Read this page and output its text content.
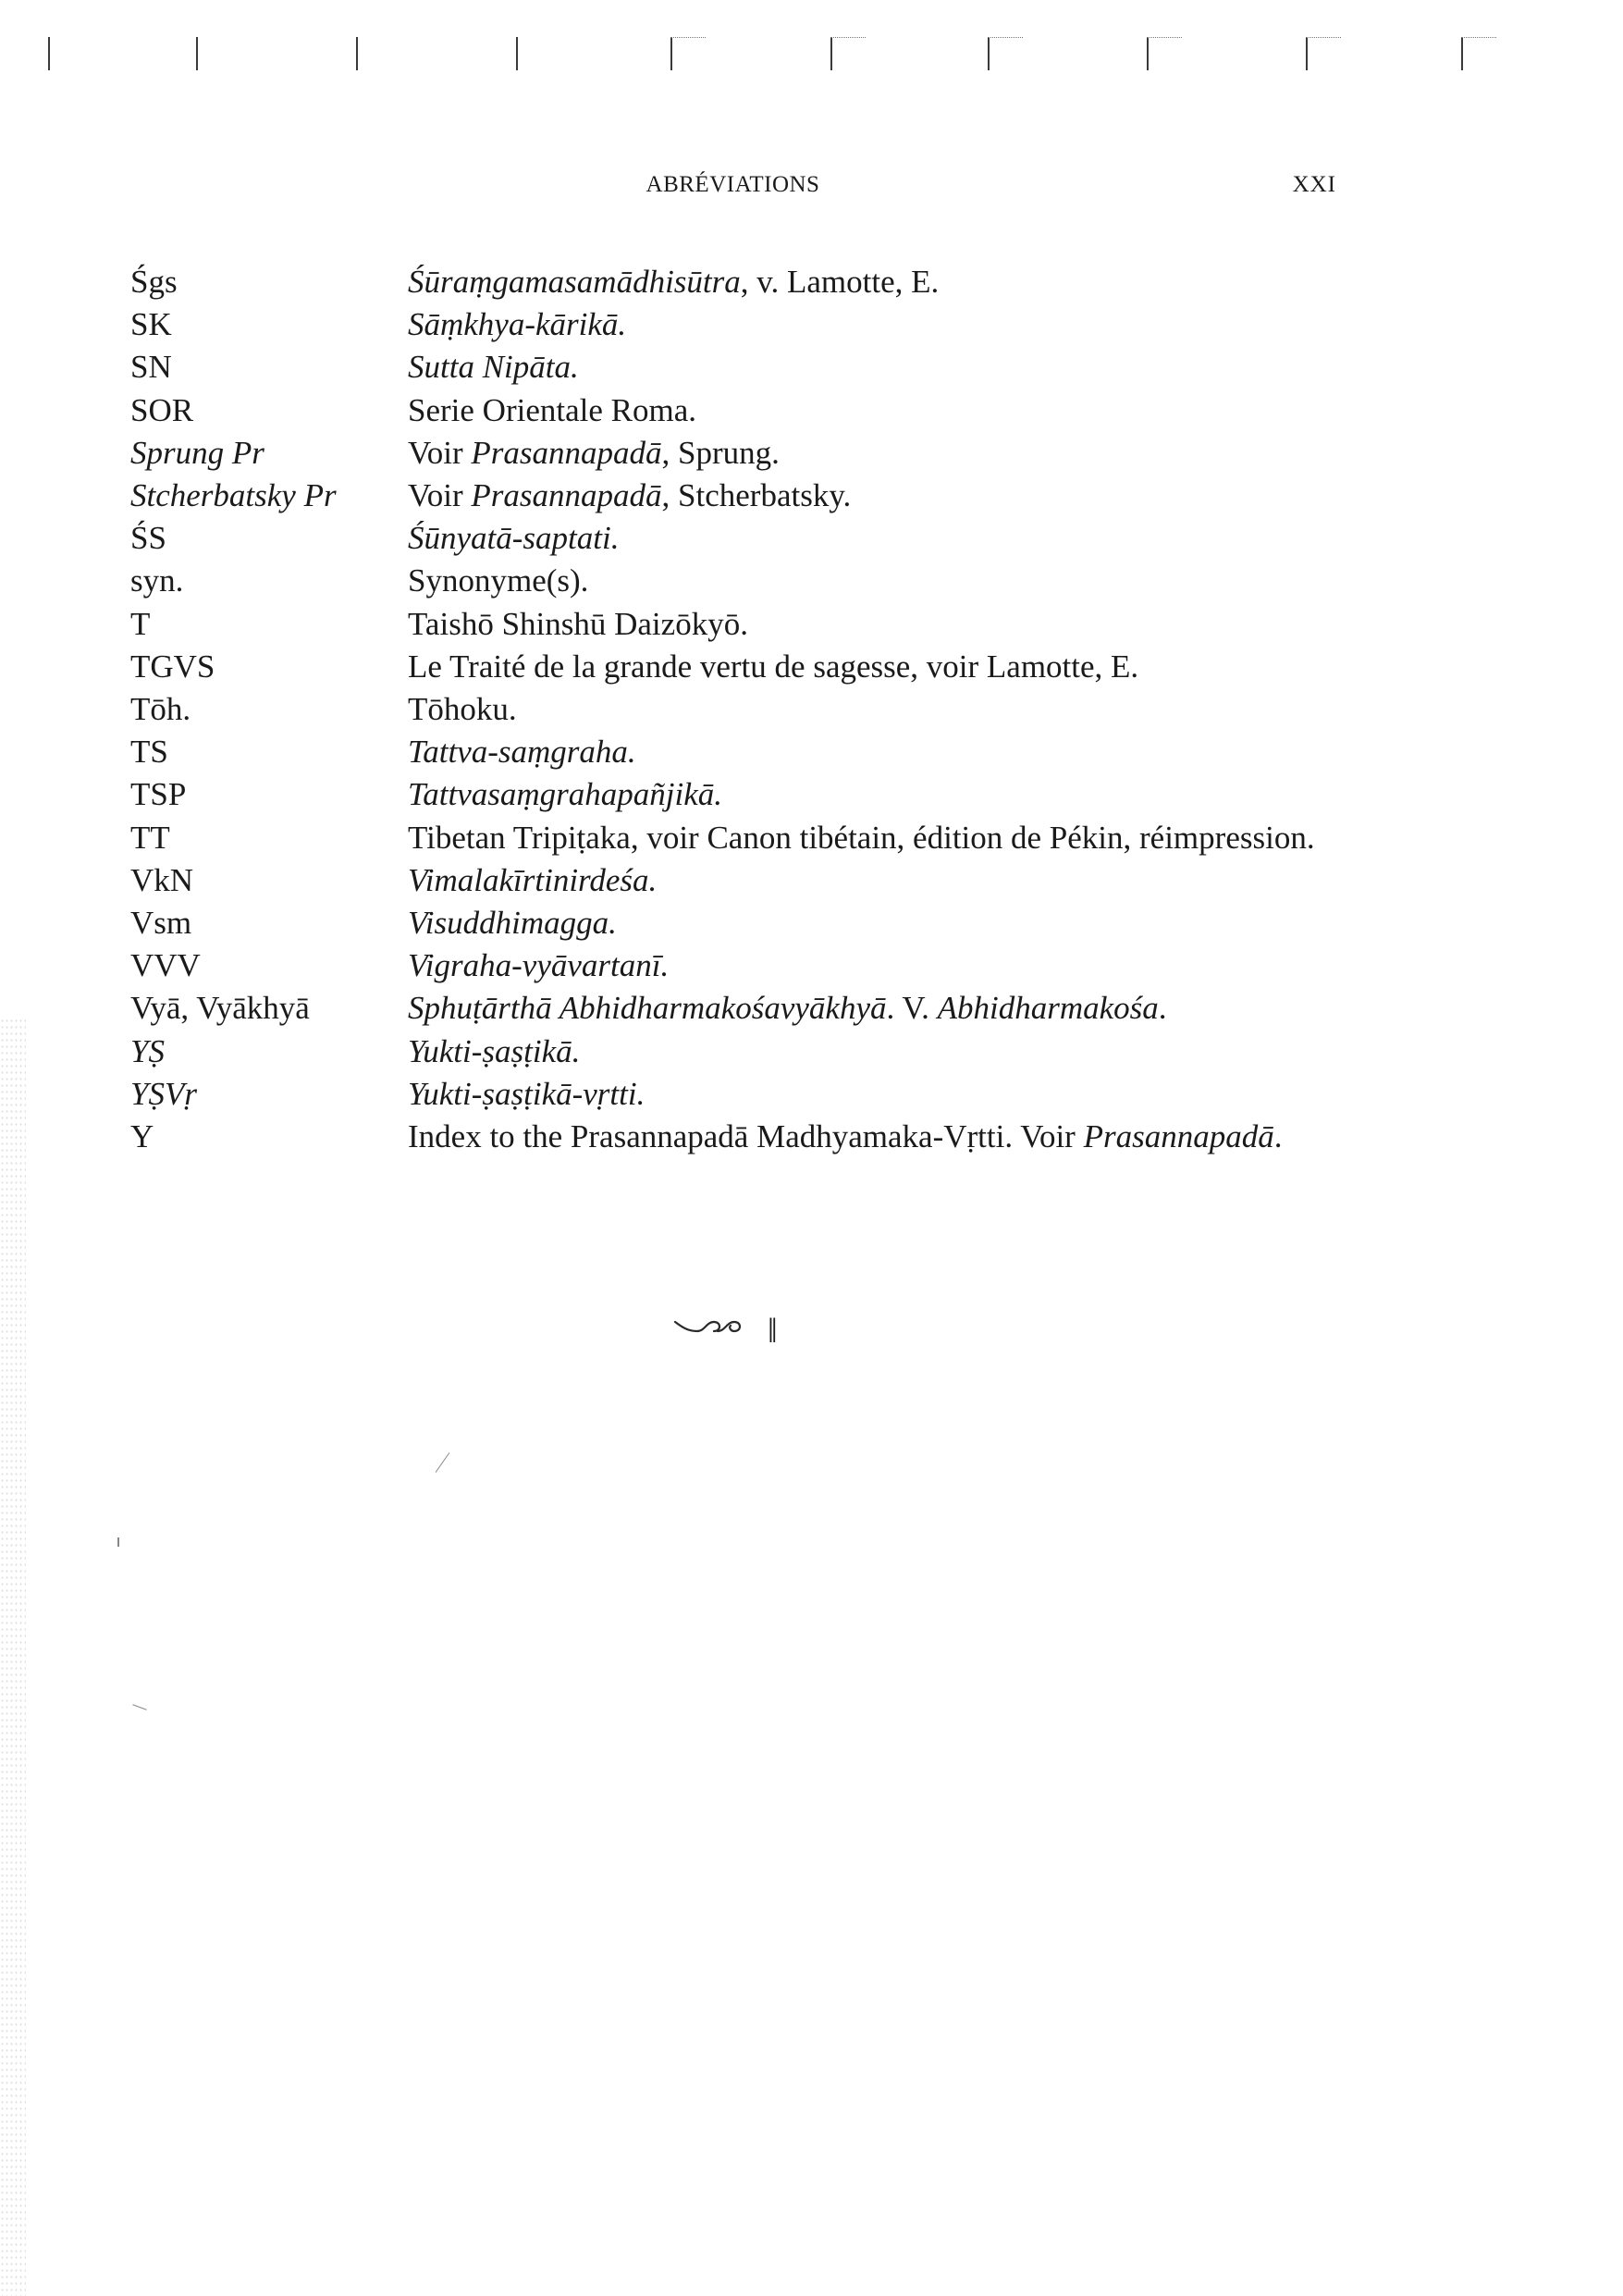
ABRÉVIATIONS	XXI
Śgs	Śūraṃgamasamādhisūtra, v. Lamotte, E.
SK	Sāṃkhya-kārikā.
SN	Sutta Nipāta.
SOR	Serie Orientale Roma.
Sprung Pr	Voir Prasannapadā, Sprung.
Stcherbatsky Pr	Voir Prasannapadā, Stcherbatsky.
ŚS	Śūnyatā-saptati.
syn.	Synonyme(s).
T	Taishō Shinshū Daizōkyō.
TGVS	Le Traité de la grande vertu de sagesse, voir Lamotte, E.
Tōh.	Tōhoku.
TS	Tattva-saṃgraha.
TSP	Tattvasaṃgrahapañjikā.
TT	Tibetan Tripiṭaka, voir Canon tibétain, édition de Pékin, réimpression.
VkN	Vimalakīrtinirdeśa.
Vsm	Visuddhimagga.
VVV	Vigraha-vyāvartanī.
Vyā, Vyākhyā	Sphuṭārthā Abhidharmakośavyākhyā. V. Abhidharmakośa.
YṢ	Yukti-ṣaṣṭikā.
YṢVṛ	Yukti-ṣaṣṭikā-vṛtti.
Y	Index to the Prasannapadā Madhyamaka-Vṛtti. Voir Prasannapadā.
‖
